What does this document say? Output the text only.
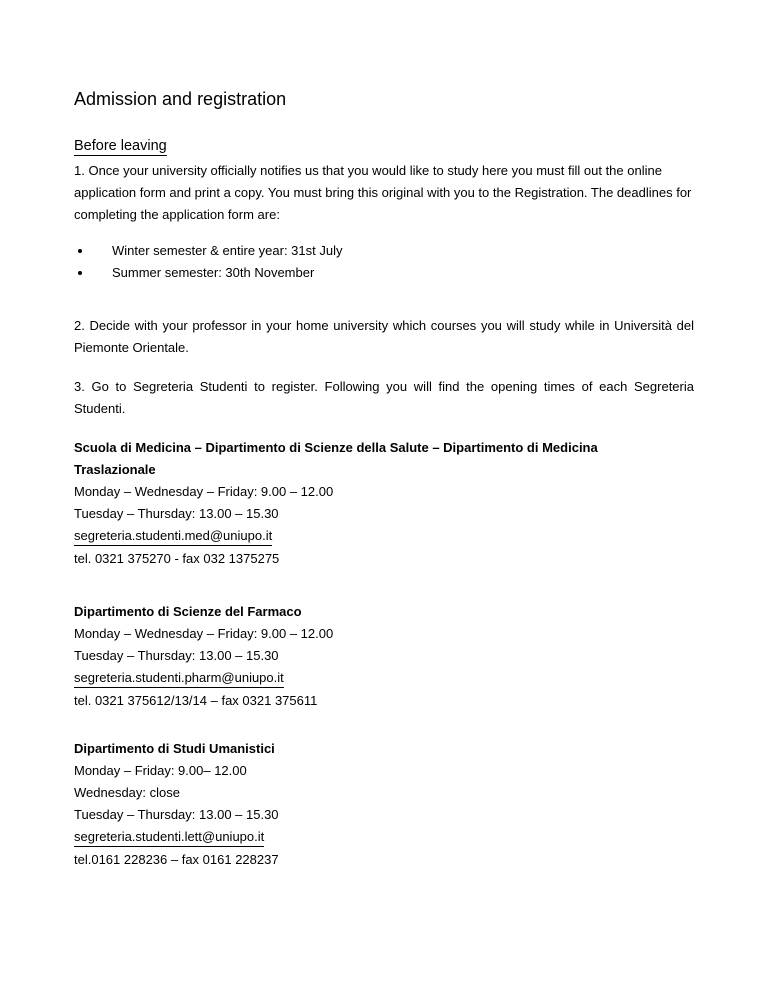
Admission and registration
Before leaving
1. Once your university officially notifies us that you would like to study here you must fill out the online application form and print a copy. You must bring this original with you to the Registration. The deadlines for completing the application form are:
Winter semester & entire year: 31st July
Summer semester: 30th November
2. Decide with your professor in your home university which courses you will study while in Università del Piemonte Orientale.
3. Go to Segreteria Studenti to register. Following you will find the opening times of each Segreteria Studenti.
Scuola di Medicina – Dipartimento di Scienze della Salute – Dipartimento di Medicina Traslazionale
Monday – Wednesday – Friday: 9.00 – 12.00
Tuesday – Thursday: 13.00 – 15.30
segreteria.studenti.med@uniupo.it
tel. 0321 375270 - fax 032 1375275
Dipartimento di Scienze del Farmaco
Monday – Wednesday – Friday: 9.00 – 12.00
Tuesday – Thursday: 13.00 – 15.30
segreteria.studenti.pharm@uniupo.it
tel. 0321 375612/13/14 – fax 0321 375611
Dipartimento di Studi Umanistici
Monday – Friday: 9.00– 12.00
Wednesday: close
Tuesday – Thursday: 13.00 – 15.30
segreteria.studenti.lett@uniupo.it
tel.0161 228236 – fax 0161 228237
